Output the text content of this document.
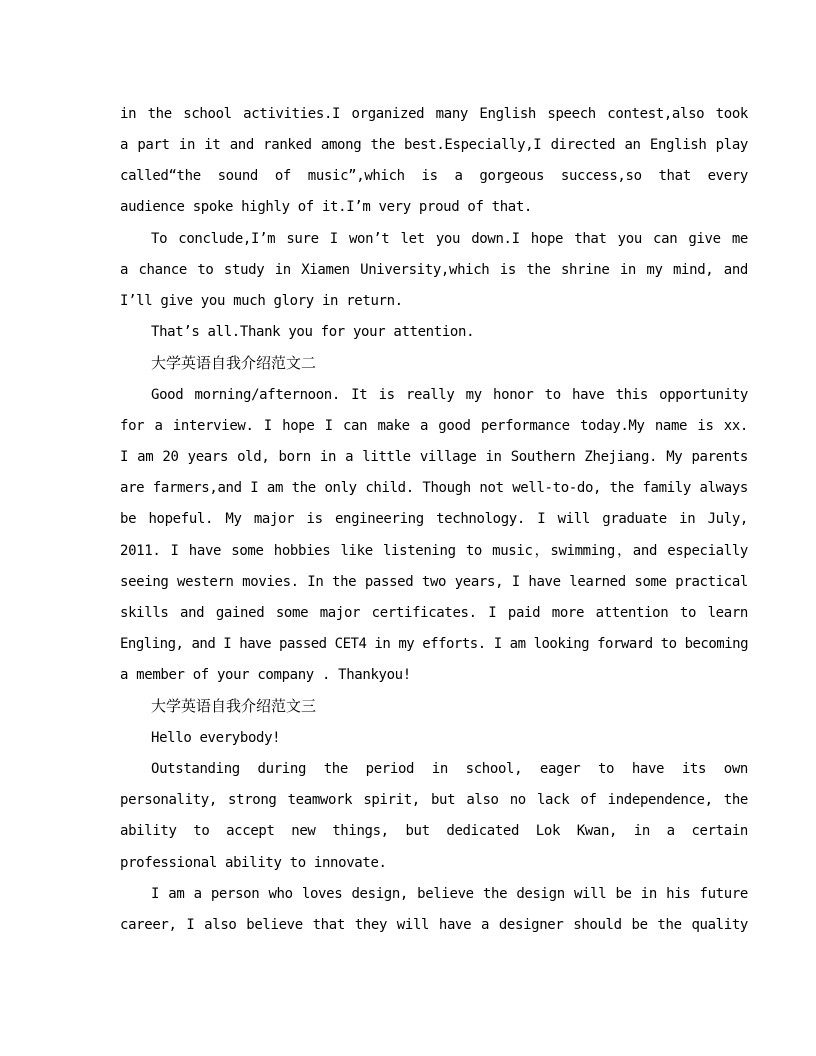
in the school activities.I organized many English speech contest,also took
a part in it and ranked among the best.Especially,I directed an English play
called“the sound of music”,which is a gorgeous success,so that every
audience spoke highly of it.I’m very proud of that.
To conclude,I’m sure I won’t let you down.I hope that you can give me
a chance to study in Xiamen University,which is the shrine in my mind, and
I’ll give you much glory in return.
That’s all.Thank you for your attention.
大学英语自我介绍范文二
Good morning/afternoon. It is really my honor to have this opportunity
for a interview. I hope I can make a good performance today.My name is xx.
I am 20 years old, born in a little village in Southern Zhejiang. My parents
are farmers,and I am the only child. Though not well-to-do, the family always
be hopeful. My major is engineering technology. I will graduate in July,
2011. I have some hobbies like listening to music，swimming，and especially
seeing western movies. In the passed two years, I have learned some practical
skills and gained some major certificates. I paid more attention to learn
Engling, and I have passed CET4 in my efforts. I am looking forward to becoming
a member of your company . Thankyou!
大学英语自我介绍范文三
Hello everybody!
Outstanding during the period in school, eager to have its own
personality, strong teamwork spirit, but also no lack of independence, the
ability to accept new things, but dedicated Lok Kwan, in a certain
professional ability to innovate.
I am a person who loves design, believe the design will be in his future
career, I also believe that they will have a designer should be the quality
